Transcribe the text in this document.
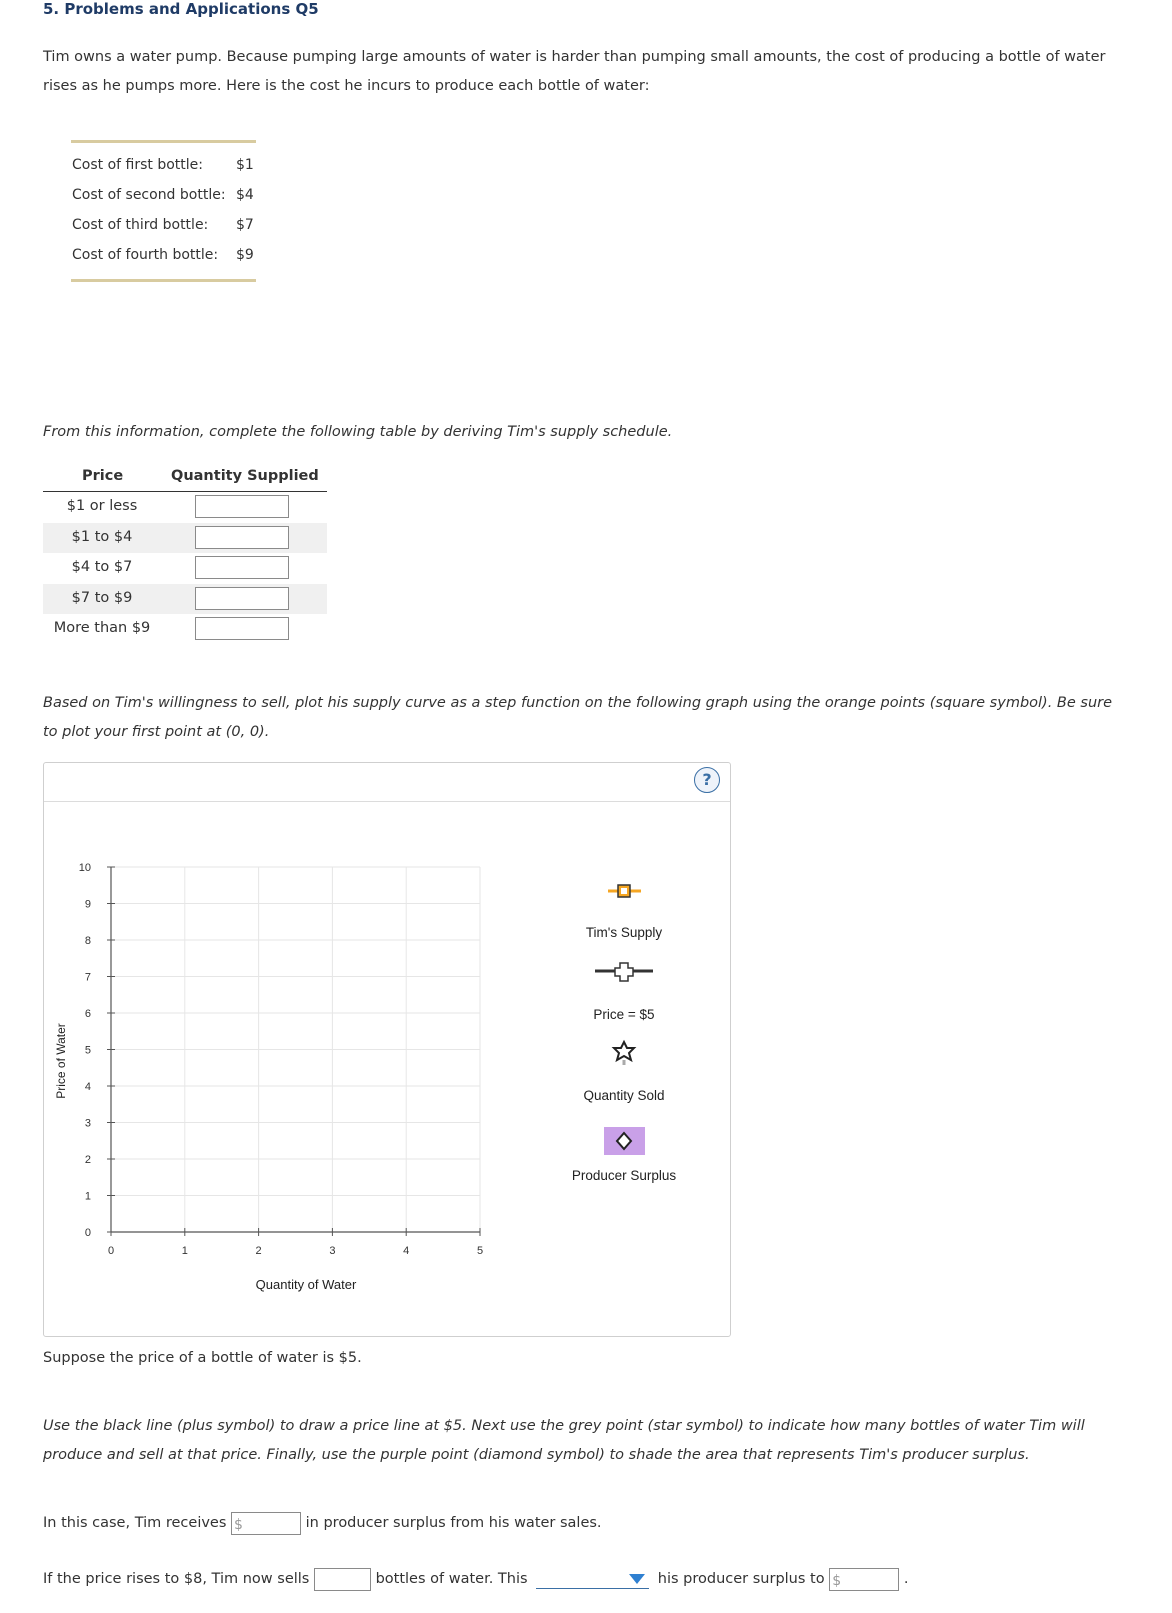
5. Problems and Applications Q5
Tim owns a water pump. Because pumping large amounts of water is harder than pumping small amounts, the cost of producing a bottle of water rises as he pumps more. Here is the cost he incurs to produce each bottle of water:
Cost of first bottle: $1
Cost of second bottle: $4
Cost of third bottle: $7
Cost of fourth bottle: $9
From this information, complete the following table by deriving Tim's supply schedule.
Price	Quantity Supplied
$1 or less
$1 to $4
$4 to $7
$7 to $9
More than $9
Based on Tim's willingness to sell, plot his supply curve as a step function on the following graph using the orange points (square symbol). Be sure to plot your first point at (0, 0).
?
0	1	2	3	4	5
0
1
2
3
4
5
6
7
8
9
10
Quantity of Water
Price of Water
Tim's Supply
Price = $5
Quantity Sold
Producer Surplus
Suppose the price of a bottle of water is $5.
Use the black line (plus symbol) to draw a price line at $5. Next use the grey point (star symbol) to indicate how many bottles of water Tim will produce and sell at that price. Finally, use the purple point (diamond symbol) to shade the area that represents Tim's producer surplus.
In this case, Tim receives $	in producer surplus from his water sales.
If the price rises to $8, Tim now sells	bottles of water. This	his producer surplus to $	.
